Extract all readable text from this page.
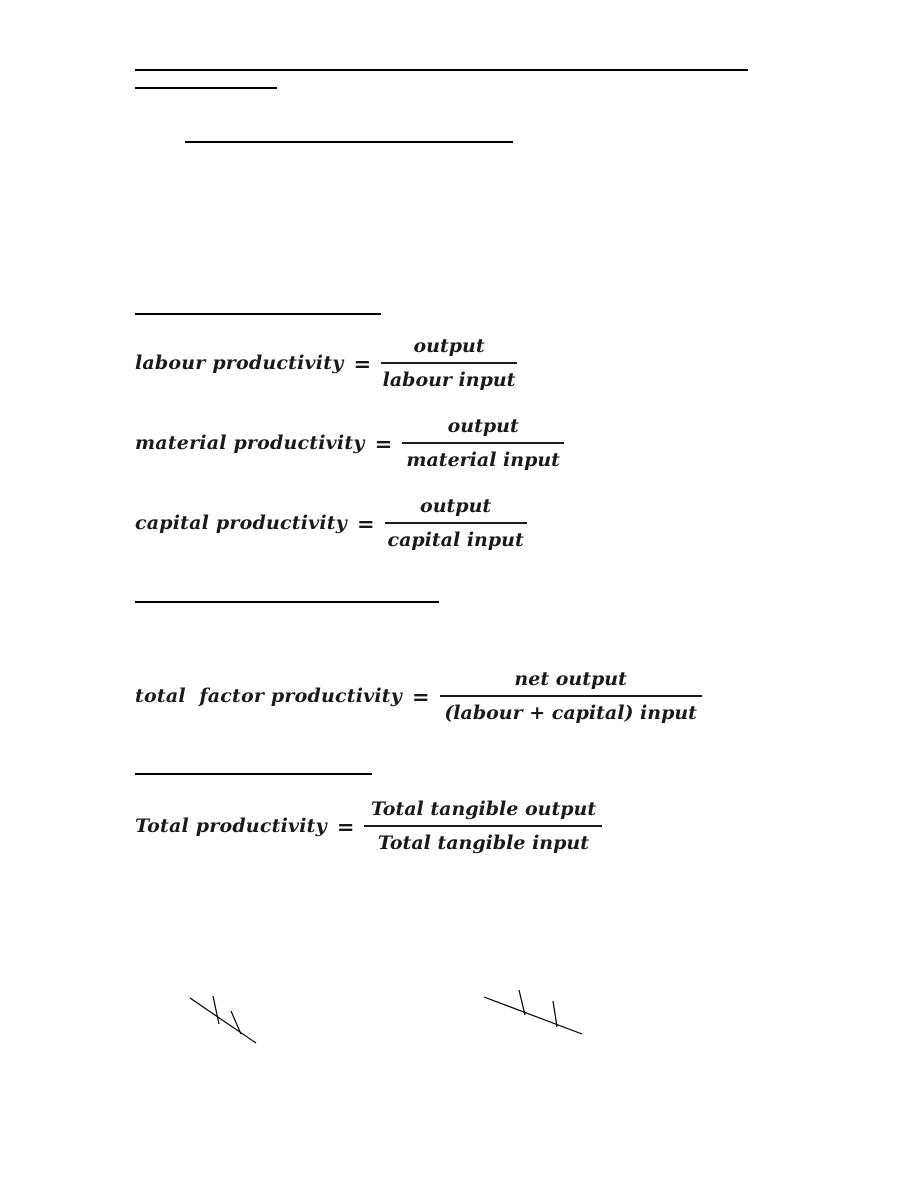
labour productivity = $\frac{\text{output}}{\text{labour input}}$
material productivity = $\frac{\text{output}}{\text{material input}}$
capital productivity = $\frac{\text{output}}{\text{capital input}}$
total  factor productivity = $\frac{\text{net output}}{\text{(labour + capital) input}}$
Total productivity = $\frac{\text{Total tangible output}}{\text{Total tangible input}}$
